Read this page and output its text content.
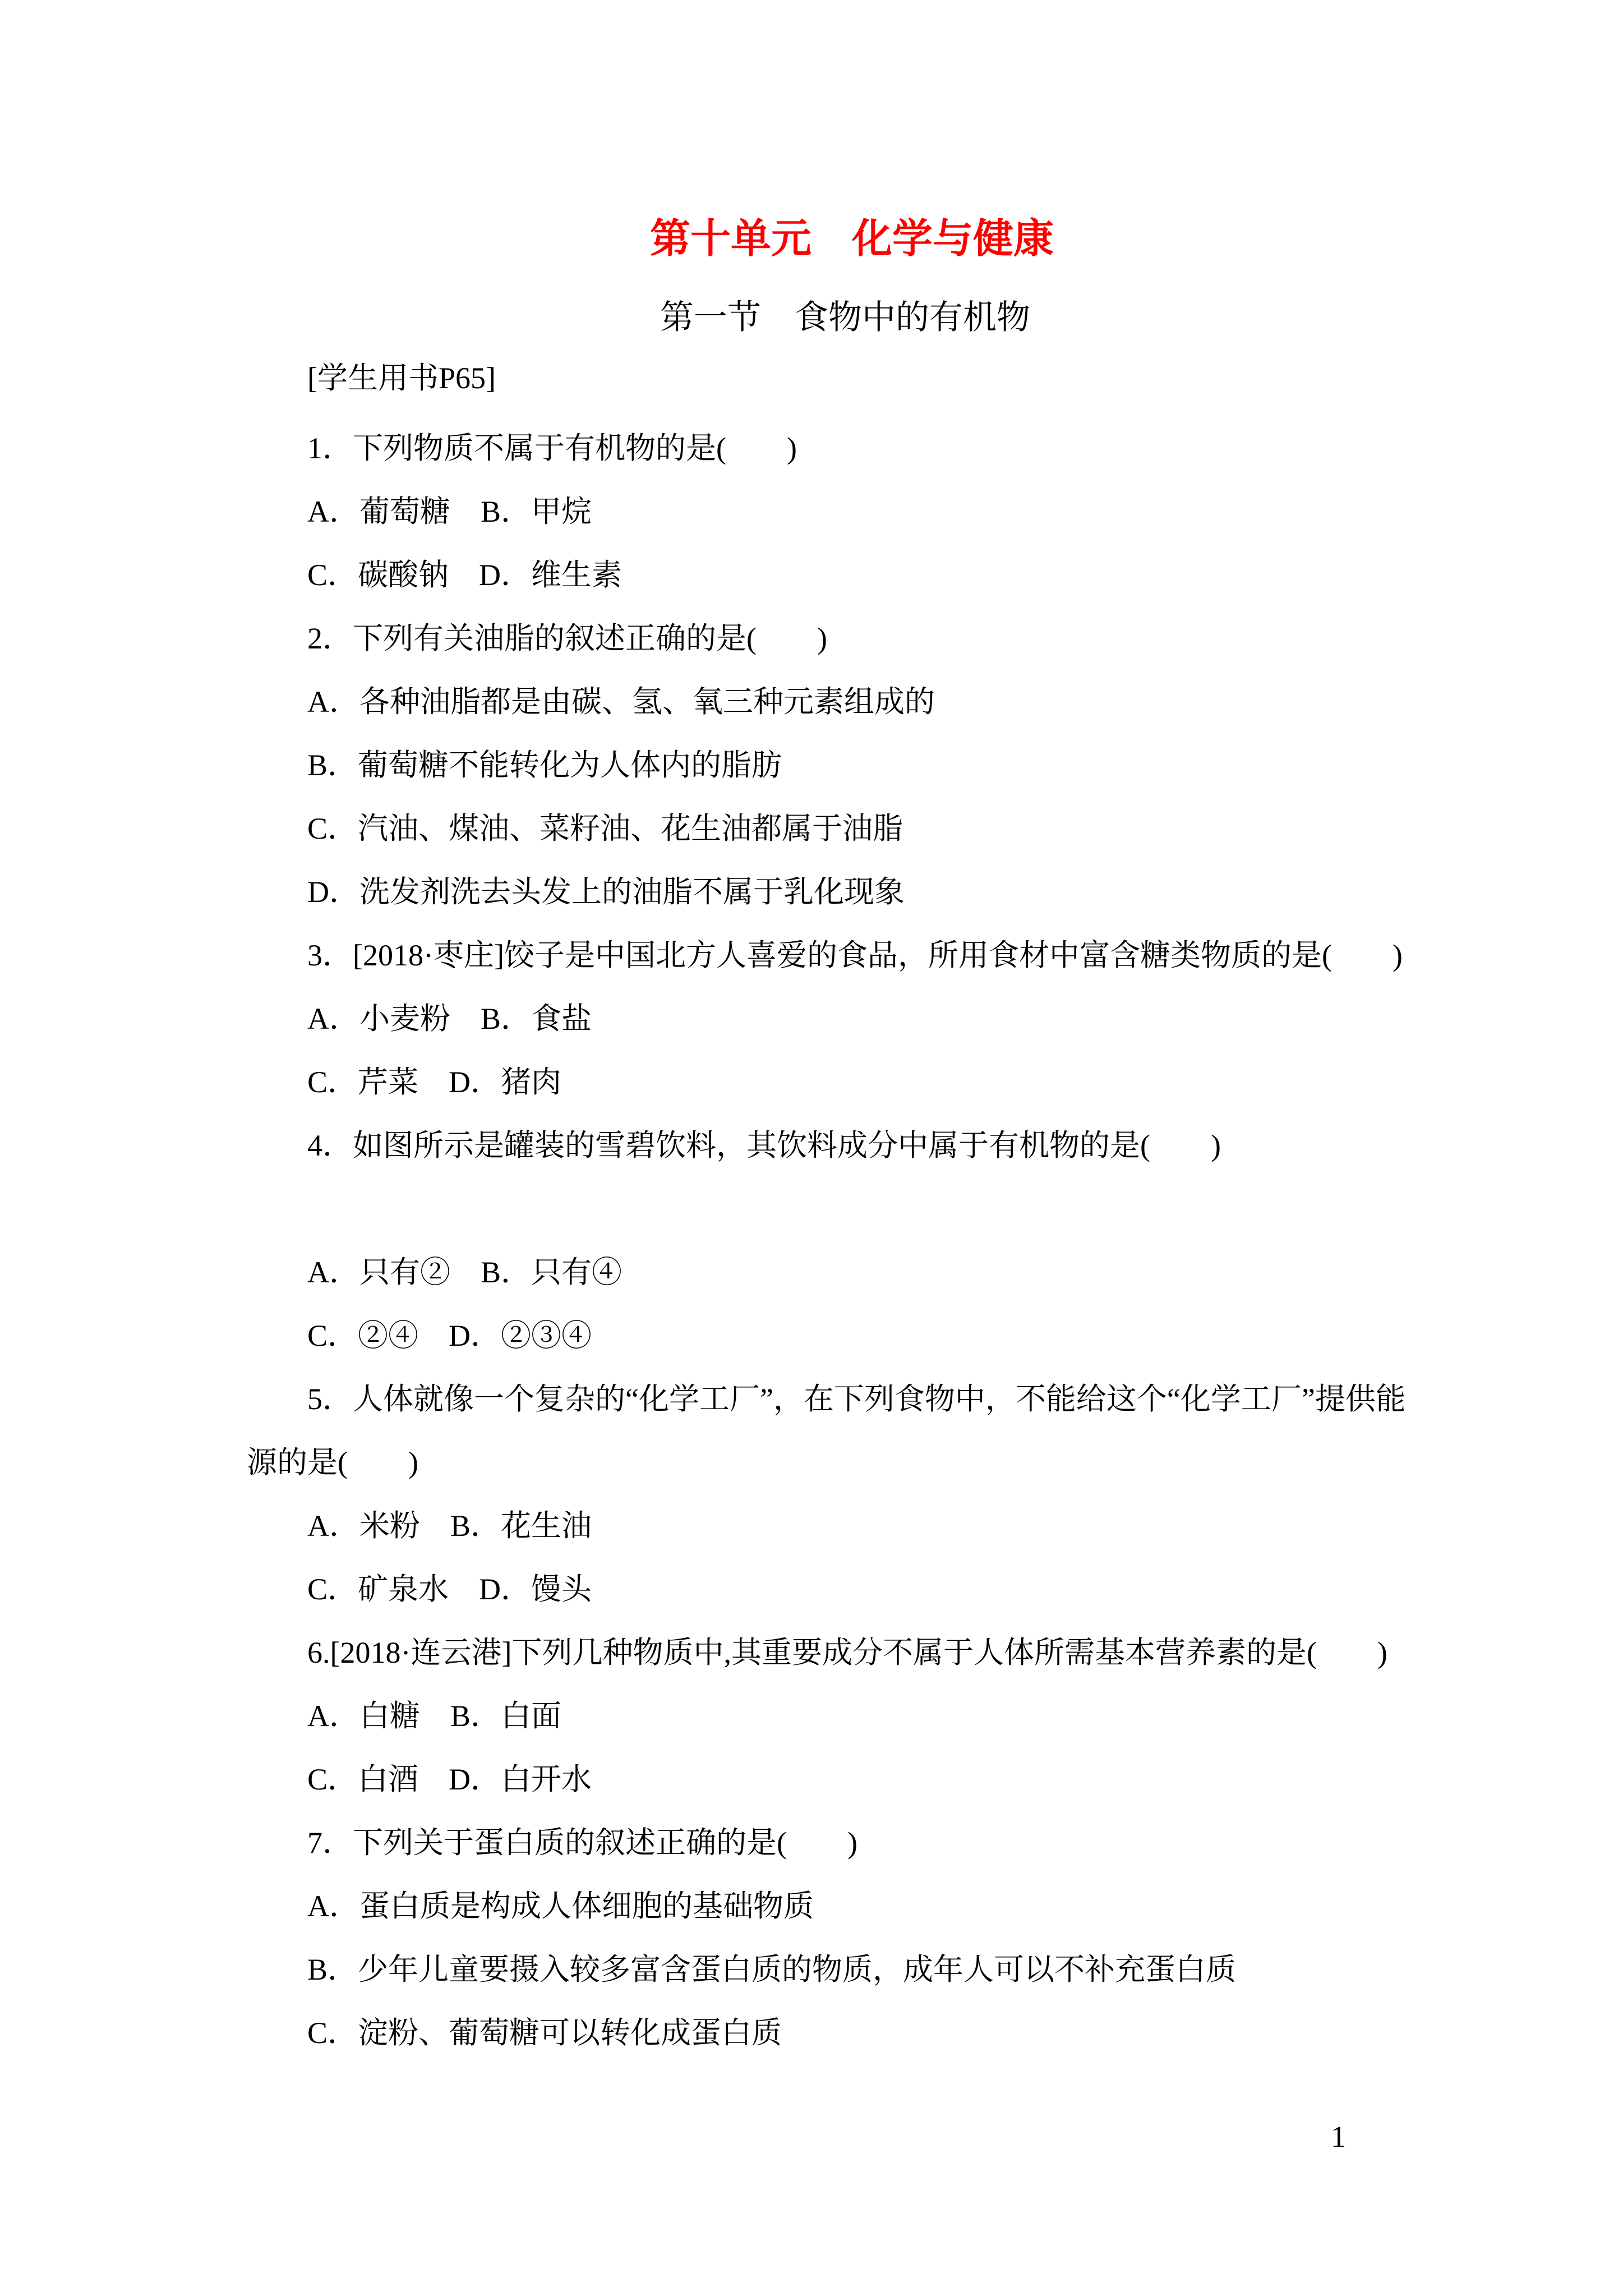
第十单元　化学与健康
第一节　食物中的有机物
[学生用书P65]
1．下列物质不属于有机物的是(　　)
A．葡萄糖　B．甲烷
C．碳酸钠　D．维生素
2．下列有关油脂的叙述正确的是(　　)
A．各种油脂都是由碳、氢、氧三种元素组成的
B．葡萄糖不能转化为人体内的脂肪
C．汽油、煤油、菜籽油、花生油都属于油脂
D．洗发剂洗去头发上的油脂不属于乳化现象
3．[2018·枣庄]饺子是中国北方人喜爱的食品，所用食材中富含糖类物质的是(　　)
A．小麦粉　B．食盐
C．芹菜　D．猪肉
4．如图所示是罐装的雪碧饮料，其饮料成分中属于有机物的是(　　)
A．只有②　B．只有④
C．②④　D．②③④
5．人体就像一个复杂的“化学工厂”，在下列食物中，不能给这个“化学工厂”提供能
源的是(　　)
A．米粉　B．花生油
C．矿泉水　D．馒头
6.[2018·连云港]下列几种物质中,其重要成分不属于人体所需基本营养素的是(　　)
A．白糖　B．白面
C．白酒　D．白开水
7．下列关于蛋白质的叙述正确的是(　　)
A．蛋白质是构成人体细胞的基础物质
B．少年儿童要摄入较多富含蛋白质的物质，成年人可以不补充蛋白质
C．淀粉、葡萄糖可以转化成蛋白质
1
